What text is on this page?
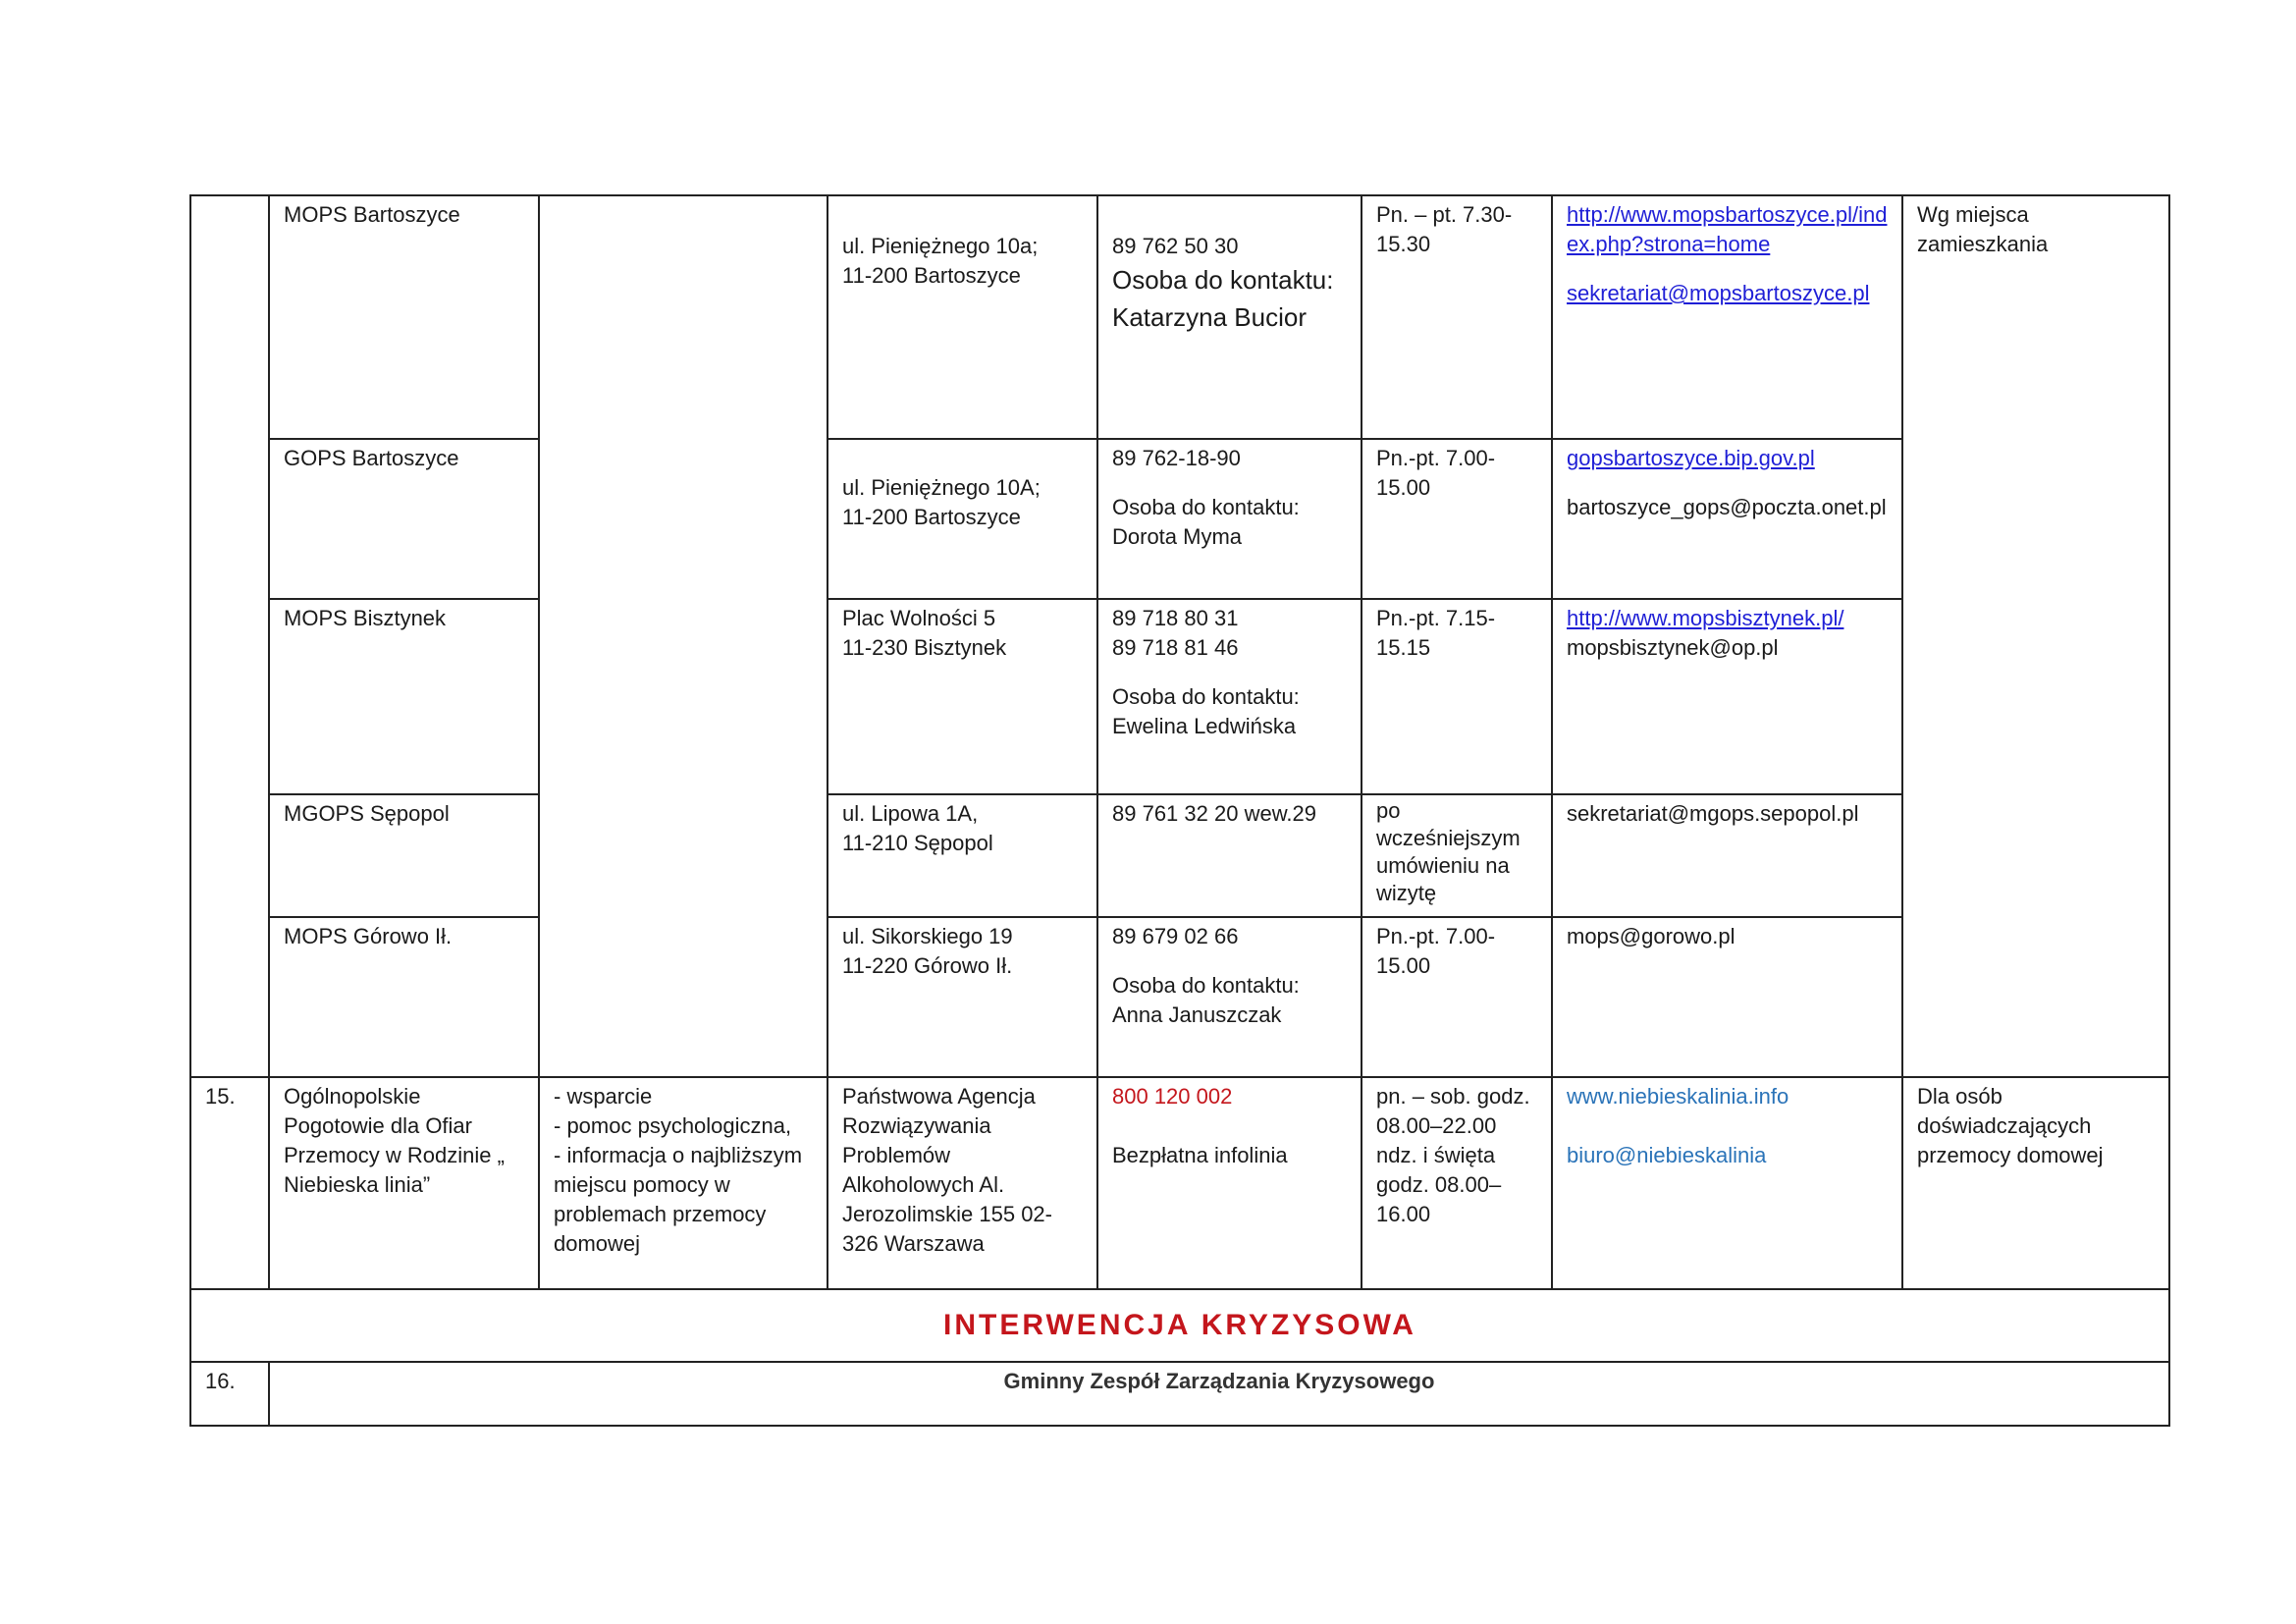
	MOPS Bartoszyce		ul. Pieniężnego 10a;
11-200 Bartoszyce	89 762 50 30
Osoba do kontaktu:
Katarzyna Bucior	Pn. – pt. 7.30-15.30	http://www.mopsbartoszyce.pl/index.php?strona=home
sekretariat@mopsbartoszyce.pl	Wg miejsca zamieszkania
	GOPS Bartoszyce		ul. Pieniężnego 10A;
11-200 Bartoszyce	89 762-18-90
Osoba do kontaktu:
Dorota Myma	Pn.-pt. 7.00-15.00	gopsbartoszyce.bip.gov.pl
bartoszyce_gops@poczta.onet.pl	

	MOPS Bisztynek		Plac Wolności 5
11-230 Bisztynek	89 718 80 31
89 718 81 46
Osoba do kontaktu:
Ewelina Ledwińska	Pn.-pt. 7.15-15.15	http://www.mopsbisztynek.pl/
mopsbisztynek@op.pl	

	MGOPS Sępopol		ul. Lipowa 1A,
11-210 Sępopol	89 761 32 20 wew.29	po wcześniejszym umówieniu na wizytę	sekretariat@mgops.sepopol.pl	
	MOPS Górowo Ił.		ul. Sikorskiego 19
11-220 Górowo Ił.	89 679 02 66
Osoba do kontaktu:
Anna Januszczak	Pn.-pt. 7.00-15.00	mops@gorowo.pl	
15.	Ogólnopolskie Pogotowie dla Ofiar Przemocy w Rodzinie „ Niebieska linia”	- wsparcie
- pomoc psychologiczna,
- informacja o najbliższym miejscu pomocy w problemach przemocy domowej	Państwowa Agencja Rozwiązywania Problemów Alkoholowych Al. Jerozolimskie 155 02-326 Warszawa	800 120 002
Bezpłatna infolinia	pn. – sob. godz. 08.00–22.00 ndz. i święta godz. 08.00–16.00	www.niebieskalinia.info
biuro@niebieskalinia	Dla osób doświadczających przemocy domowej
INTERWENCJA KRYZYSOWA							
16.	Gminny Zespół Zarządzania Kryzysowego						
